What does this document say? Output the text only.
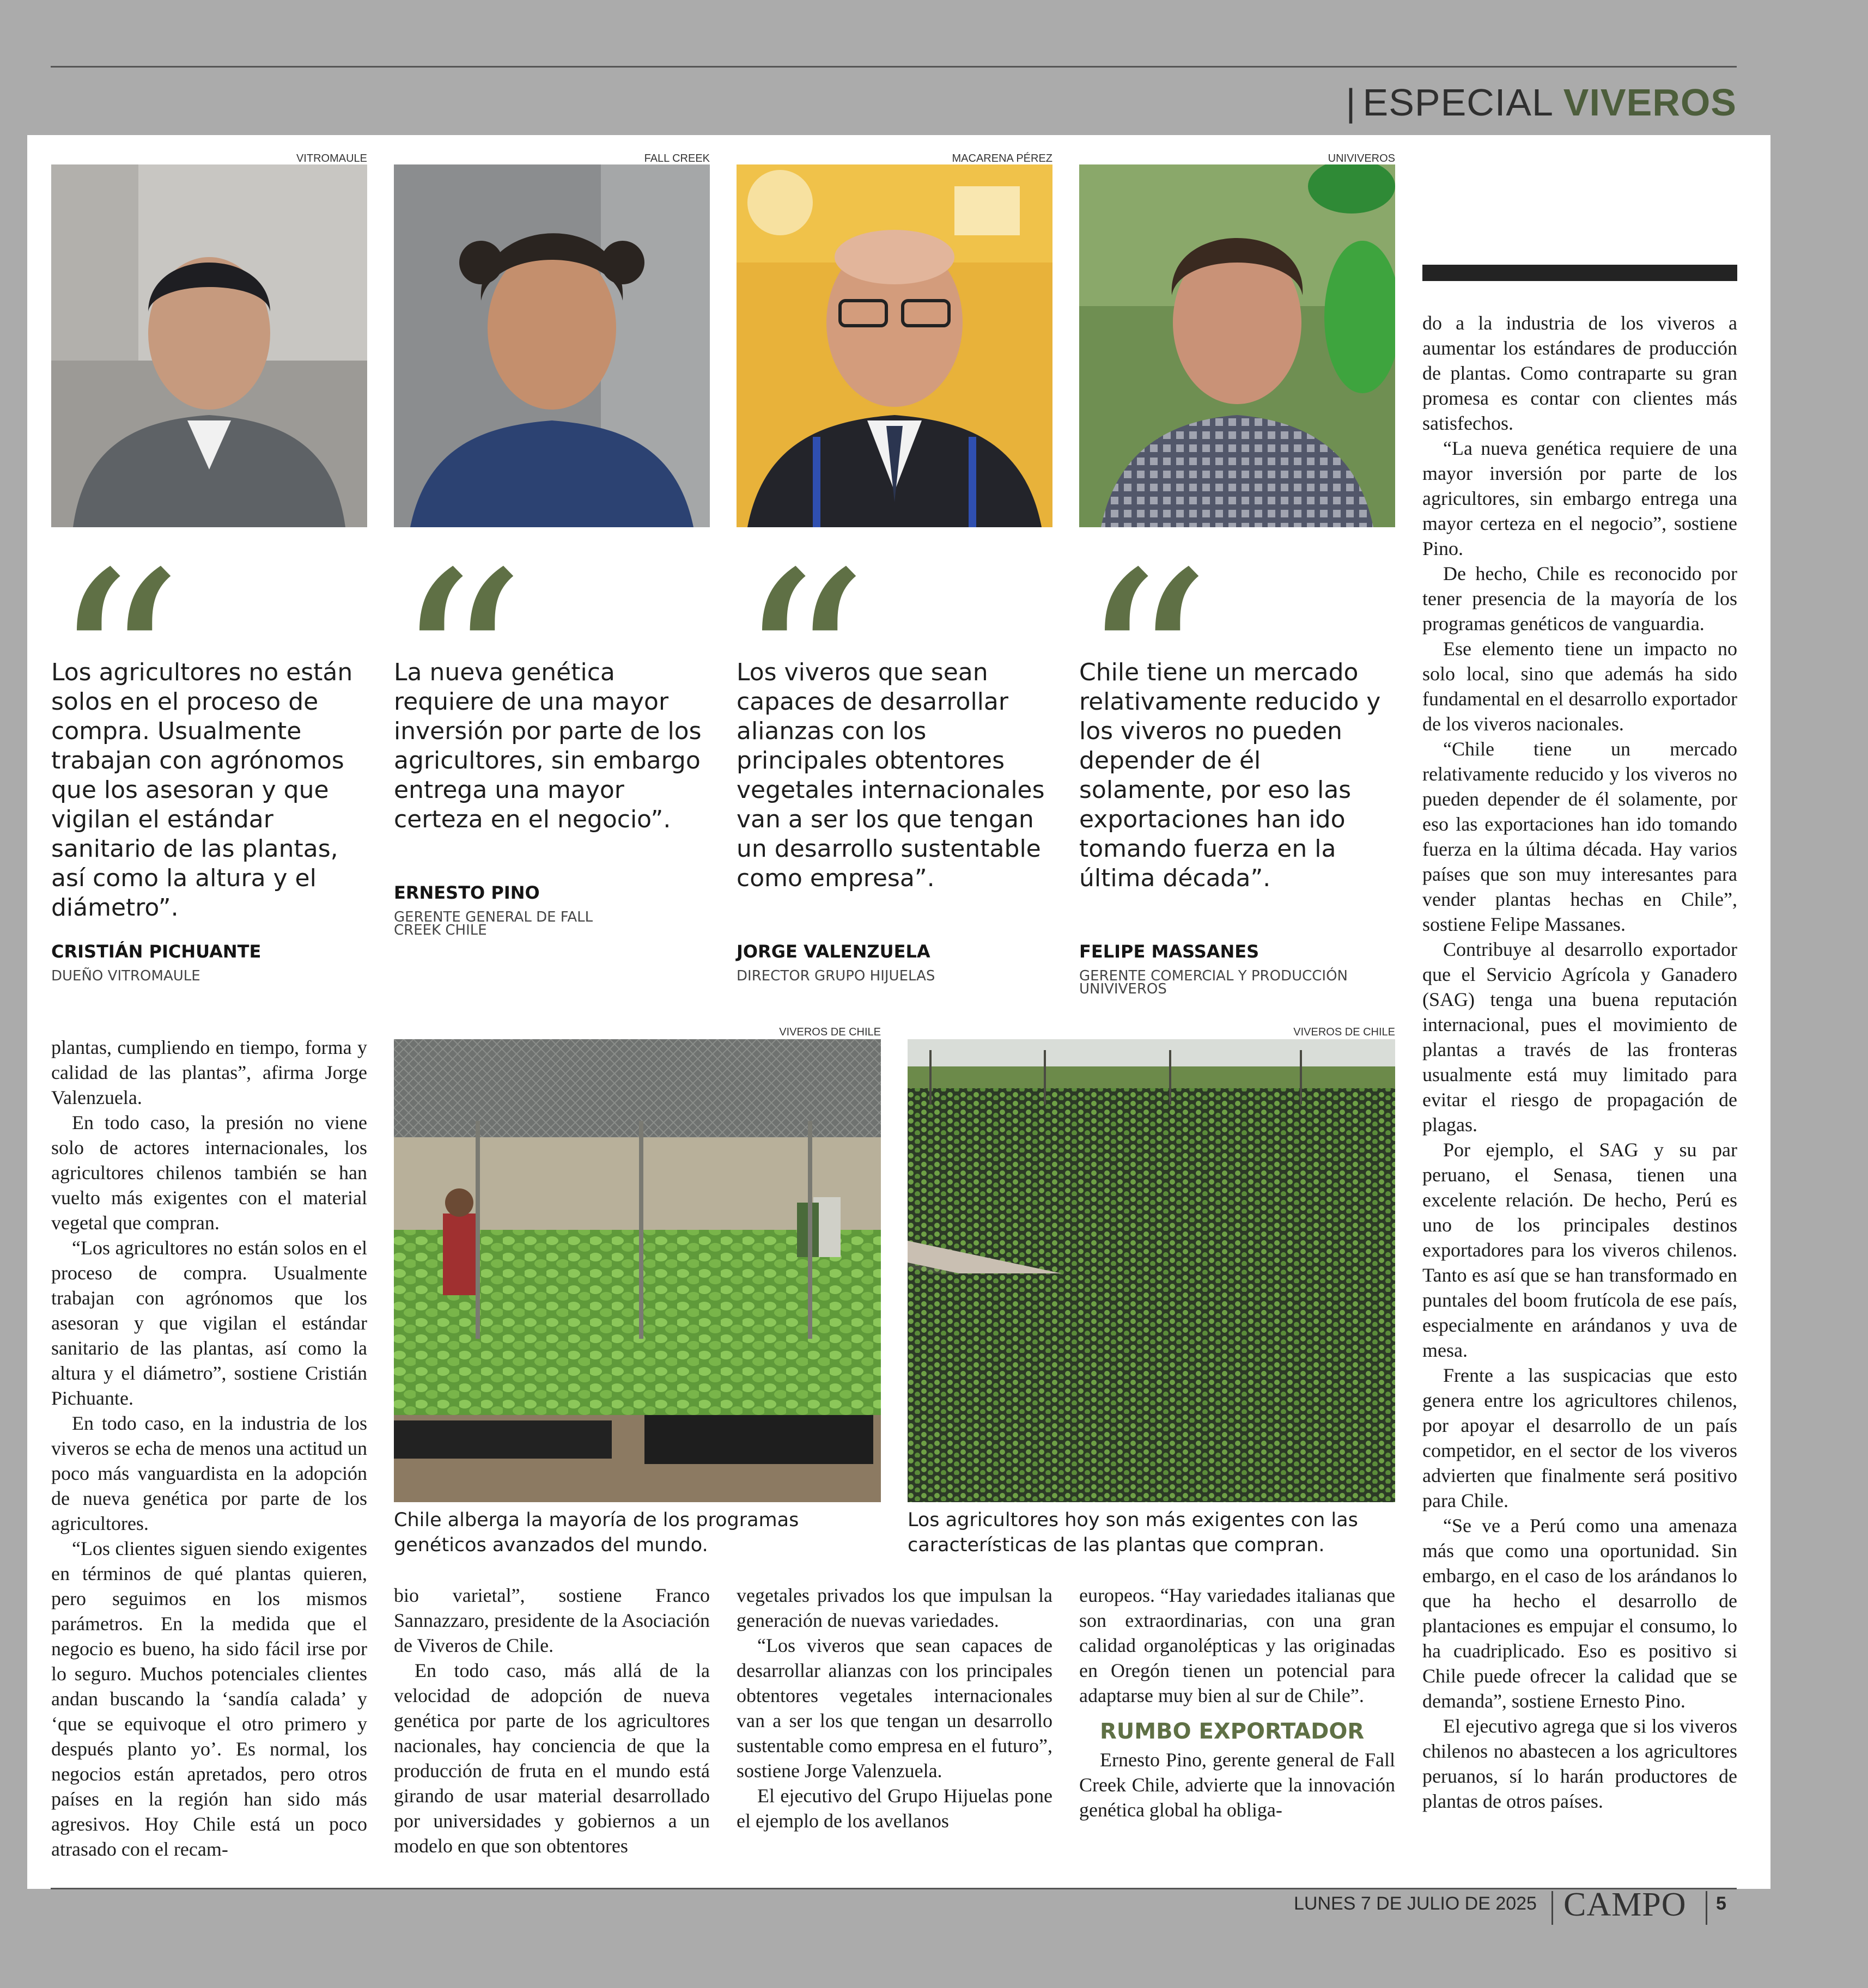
| ESPECIAL VIVEROS
VITROMAULE
Los agricultores no están solos en el proceso de compra. Usualmente trabajan con agrónomos que los asesoran y que vigilan el estándar sanitario de las plantas, así como la altura y el diámetro”.
CRISTIÁN PICHUANTE
DUEÑO VITROMAULE
FALL CREEK
La nueva genética requiere de una mayor inversión por parte de los agricultores, sin embargo entrega una mayor certeza en el negocio”.
ERNESTO PINO
GERENTE GENERAL DE FALL CREEK CHILE
MACARENA PÉREZ
Los viveros que sean capaces de desarrollar alianzas con los principales obtentores vegetales internacionales van a ser los que tengan un desarrollo sustentable como empresa”.
JORGE VALENZUELA
DIRECTOR GRUPO HIJUELAS
UNIVIVEROS
Chile tiene un mercado relativamente reducido y los viveros no pueden depender de él solamente, por eso las exportaciones han ido tomando fuerza en la última década”.
FELIPE MASSANES
GERENTE COMERCIAL Y PRODUCCIÓN UNIVIVEROS
VIVEROS DE CHILE
Chile alberga la mayoría de los programas genéticos avanzados del mundo.
VIVEROS DE CHILE
Los agricultores hoy son más exigentes con las características de las plantas que compran.

plantas, cumpliendo en tiempo, forma y calidad de las plantas”, afirma Jorge Valenzuela.

En todo caso, la presión no viene solo de actores internacionales, los agricultores chilenos también se han vuelto más exigentes con el material vegetal que compran.

“Los agricultores no están solos en el proceso de compra. Usualmente trabajan con agrónomos que los asesoran y que vigilan el estándar sanitario de las plantas, así como la altura y el diámetro”, sostiene Cristián Pichuante.

En todo caso, en la industria de los viveros se echa de menos una actitud un poco más vanguardista en la adopción de nueva genética por parte de los agricultores.

“Los clientes siguen siendo exigentes en términos de qué plantas quieren, pero seguimos en los mismos parámetros. En la medida que el negocio es bueno, ha sido fácil irse por lo seguro. Muchos potenciales clientes andan buscando la ‘sandía calada’ y ‘que se equivoque el otro primero y después planto yo’. Es normal, los negocios están apretados, pero otros países en la región han sido más agresivos. Hoy Chile está un poco atrasado con el recam-

bio varietal”, sostiene Franco Sannazzaro, presidente de la Asociación de Viveros de Chile.

En todo caso, más allá de la velocidad de adopción de nueva genética por parte de los agricultores nacionales, hay conciencia de que la producción de fruta en el mundo está girando de usar material desarrollado por universidades y gobiernos a un modelo en que son obtentores

vegetales privados los que impulsan la generación de nuevas variedades.

“Los viveros que sean capaces de desarrollar alianzas con los principales obtentores vegetales internacionales van a ser los que tengan un desarrollo sustentable como empresa en el futuro”, sostiene Jorge Valenzuela.

El ejecutivo del Grupo Hijuelas pone el ejemplo de los avellanos

europeos. “Hay variedades italianas que son extraordinarias, con una gran calidad organolépticas y las originadas en Oregón tienen un potencial para adaptarse muy bien al sur de Chile”.

RUMBO EXPORTADOR

Ernesto Pino, gerente general de Fall Creek Chile, advierte que la innovación genética global ha obliga-

do a la industria de los viveros a aumentar los estándares de producción de plantas. Como contraparte su gran promesa es contar con clientes más satisfechos.

“La nueva genética requiere de una mayor inversión por parte de los agricultores, sin embargo entrega una mayor certeza en el negocio”, sostiene Pino.

De hecho, Chile es reconocido por tener presencia de la mayoría de los programas genéticos de vanguardia.

Ese elemento tiene un impacto no solo local, sino que además ha sido fundamental en el desarrollo exportador de los viveros nacionales.

“Chile tiene un mercado relativamente reducido y los viveros no pueden depender de él solamente, por eso las exportaciones han ido tomando fuerza en la última década. Hay varios países que son muy interesantes para vender plantas hechas en Chile”, sostiene Felipe Massanes.

Contribuye al desarrollo exportador que el Servicio Agrícola y Ganadero (SAG) tenga una buena reputación internacional, pues el movimiento de plantas a través de las fronteras usualmente está muy limitado para evitar el riesgo de propagación de plagas.

Por ejemplo, el SAG y su par peruano, el Senasa, tienen una excelente relación. De hecho, Perú es uno de los principales destinos exportadores para los viveros chilenos. Tanto es así que se han transformado en puntales del boom frutícola de ese país, especialmente en arándanos y uva de mesa.

Frente a las suspicacias que esto genera entre los agricultores chilenos, por apoyar el desarrollo de un país competidor, en el sector de los viveros advierten que finalmente será positivo para Chile.

“Se ve a Perú como una amenaza más que como una oportunidad. Sin embargo, en el caso de los arándanos lo que ha hecho el desarrollo de plantaciones es empujar el consumo, lo ha cuadriplicado. Eso es positivo si Chile puede ofrecer la calidad que se demanda”, sostiene Ernesto Pino.

El ejecutivo agrega que si los viveros chilenos no abastecen a los agricultores peruanos, sí lo harán productores de plantas de otros países.

LUNES 7 DE JULIO DE 2025 CAMPO 5
